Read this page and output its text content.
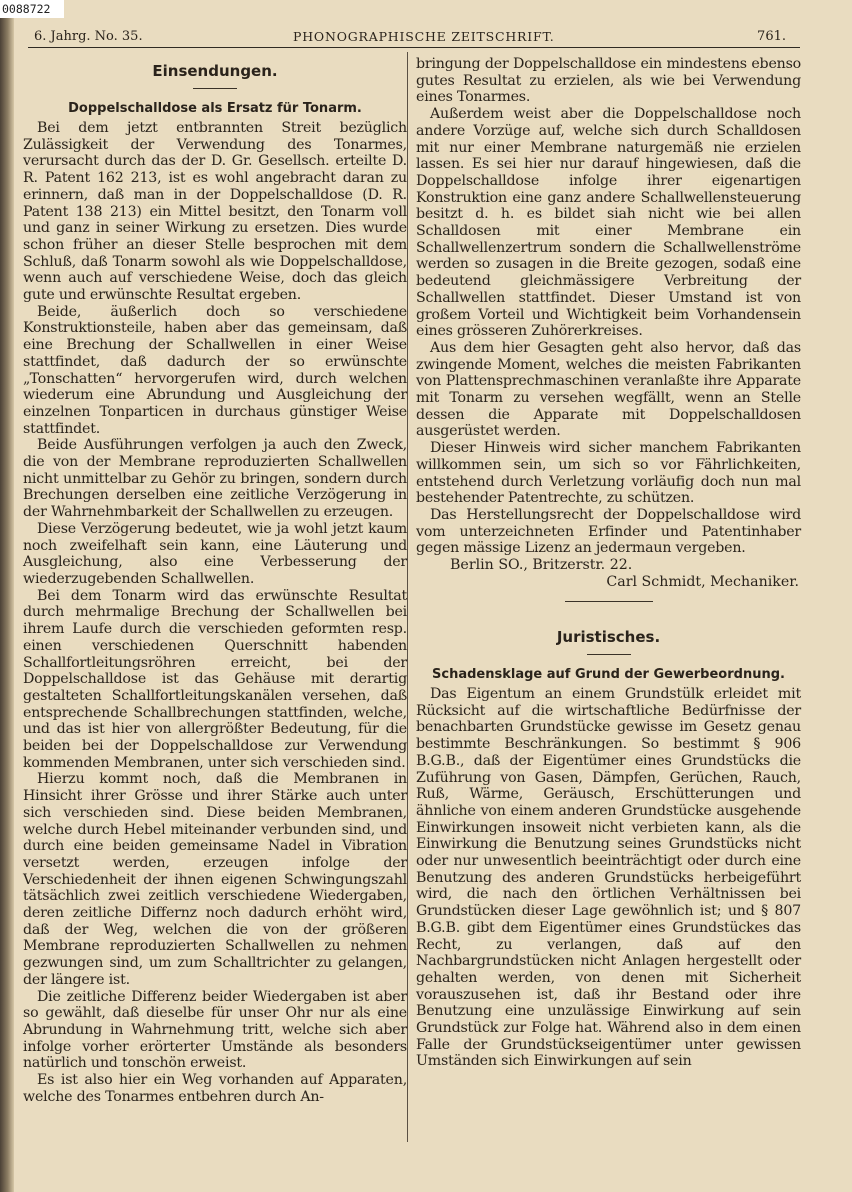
0088722
6. Jahrg. No. 35.	PHONOGRAPHISCHE ZEITSCHRIFT.	761.
Einsendungen.
Doppelschalldose als Ersatz für Tonarm.

Bei dem jetzt entbrannten Streit bezüglich Zulässigkeit der Verwendung des Tonarmes, verursacht durch das der D. Gr. Gesellsch. erteilte D. R. Patent 162 213, ist es wohl angebracht daran zu erinnern, daß man in der Doppelschalldose (D. R. Patent 138 213) ein Mittel besitzt, den Tonarm voll und ganz in seiner Wirkung zu ersetzen. Dies wurde schon früher an dieser Stelle besprochen mit dem Schluß, daß Tonarm sowohl als wie Doppelschalldose, wenn auch auf verschiedene Weise, doch das gleich gute und erwünschte Resultat ergeben.

Beide, äußerlich doch so verschiedene Konstruktionsteile, haben aber das gemeinsam, daß eine Brechung der Schallwellen in einer Weise stattfindet, daß dadurch der so erwünschte „Tonschatten“ hervorgerufen wird, durch welchen wiederum eine Abrundung und Ausgleichung der einzelnen Tonparticen in durchaus günstiger Weise stattfindet.

Beide Ausführungen verfolgen ja auch den Zweck, die von der Membrane reproduzierten Schallwellen nicht unmittelbar zu Gehör zu bringen, sondern durch Brechungen derselben eine zeitliche Verzögerung in der Wahrnehmbarkeit der Schallwellen zu erzeugen.

Diese Verzögerung bedeutet, wie ja wohl jetzt kaum noch zweifelhaft sein kann, eine Läuterung und Ausgleichung, also eine Verbesserung der wiederzugebenden Schallwellen.

Bei dem Tonarm wird das erwünschte Resultat durch mehrmalige Brechung der Schallwellen bei ihrem Laufe durch die verschieden geformten resp. einen verschiedenen Querschnitt habenden Schallfortleitungsröhren erreicht, bei der Doppelschalldose ist das Gehäuse mit derartig gestalteten Schallfortleitungskanälen versehen, daß entsprechende Schallbrechungen stattfinden, welche, und das ist hier von allergrößter Bedeutung, für die beiden bei der Doppelschalldose zur Verwendung kommenden Membranen, unter sich verschieden sind.

Hierzu kommt noch, daß die Membranen in Hinsicht ihrer Grösse und ihrer Stärke auch unter sich verschieden sind. Diese beiden Membranen, welche durch Hebel miteinander verbunden sind, und durch eine beiden gemeinsame Nadel in Vibration versetzt werden, erzeugen infolge der Verschiedenheit der ihnen eigenen Schwingungszahl tätsächlich zwei zeitlich verschiedene Wiedergaben, deren zeitliche Differnz noch dadurch erhöht wird, daß der Weg, welchen die von der größeren Membrane reproduzierten Schallwellen zu nehmen gezwungen sind, um zum Schalltrichter zu gelangen, der längere ist.

Die zeitliche Differenz beider Wiedergaben ist aber so gewählt, daß dieselbe für unser Ohr nur als eine Abrundung in Wahrnehmung tritt, welche sich aber infolge vorher erörterter Umstände als besonders natürlich und tonschön erweist.

Es ist also hier ein Weg vorhanden auf Apparaten, welche des Tonarmes entbehren durch An-

bringung der Doppelschalldose ein mindestens ebenso gutes Resultat zu erzielen, als wie bei Verwendung eines Tonarmes.

Außerdem weist aber die Doppelschalldose noch andere Vorzüge auf, welche sich durch Schalldosen mit nur einer Membrane naturgemäß nie erzielen lassen. Es sei hier nur darauf hingewiesen, daß die Doppelschalldose infolge ihrer eigenartigen Konstruktion eine ganz andere Schallwellensteuerung besitzt d. h. es bildet siah nicht wie bei allen Schalldosen mit einer Membrane ein Schallwellenzertrum sondern die Schallwellenströme werden so zusagen in die Breite gezogen, sodaß eine bedeutend gleichmässigere Verbreitung der Schallwellen stattfindet. Dieser Umstand ist von großem Vorteil und Wichtigkeit beim Vorhandensein eines grösseren Zuhörerkreises.

Aus dem hier Gesagten geht also hervor, daß das zwingende Moment, welches die meisten Fabrikanten von Plattensprechmaschinen veranlaßte ihre Apparate mit Tonarm zu versehen wegfällt, wenn an Stelle dessen die Apparate mit Doppelschalldosen ausgerüstet werden.

Dieser Hinweis wird sicher manchem Fabrikanten willkommen sein, um sich so vor Fährlichkeiten, entstehend durch Verletzung vorläufig doch nun mal bestehender Patentrechte, zu schützen.

Das Herstellungsrecht der Doppelschalldose wird vom unterzeichneten Erfinder und Patentinhaber gegen mässige Lizenz an jedermaun vergeben.

Berlin SO., Britzerstr. 22.
Carl Schmidt, Mechaniker.
Juristisches.
Schadensklage auf Grund der Gewerbeordnung.

Das Eigentum an einem Grundstülk erleidet mit Rücksicht auf die wirtschaftliche Bedürfnisse der benachbarten Grundstücke gewisse im Gesetz genau bestimmte Beschränkungen. So bestimmt § 906 B.G.B., daß der Eigentümer eines Grundstücks die Zuführung von Gasen, Dämpfen, Gerüchen, Rauch, Ruß, Wärme, Geräusch, Erschütterungen und ähnliche von einem anderen Grundstücke ausgehende Einwirkungen insoweit nicht verbieten kann, als die Einwirkung die Benutzung seines Grundstücks nicht oder nur unwesentlich beeinträchtigt oder durch eine Benutzung des anderen Grundstücks herbeigeführt wird, die nach den örtlichen Verhältnissen bei Grundstücken dieser Lage gewöhnlich ist; und § 807 B.G.B. gibt dem Eigentümer eines Grundstückes das Recht, zu verlangen, daß auf den Nachbargrundstücken nicht Anlagen hergestellt oder gehalten werden, von denen mit Sicherheit vorauszusehen ist, daß ihr Bestand oder ihre Benutzung eine unzulässige Einwirkung auf sein Grundstück zur Folge hat. Während also in dem einen Falle der Grundstückseigentümer unter gewissen Umständen sich Einwirkungen auf sein
